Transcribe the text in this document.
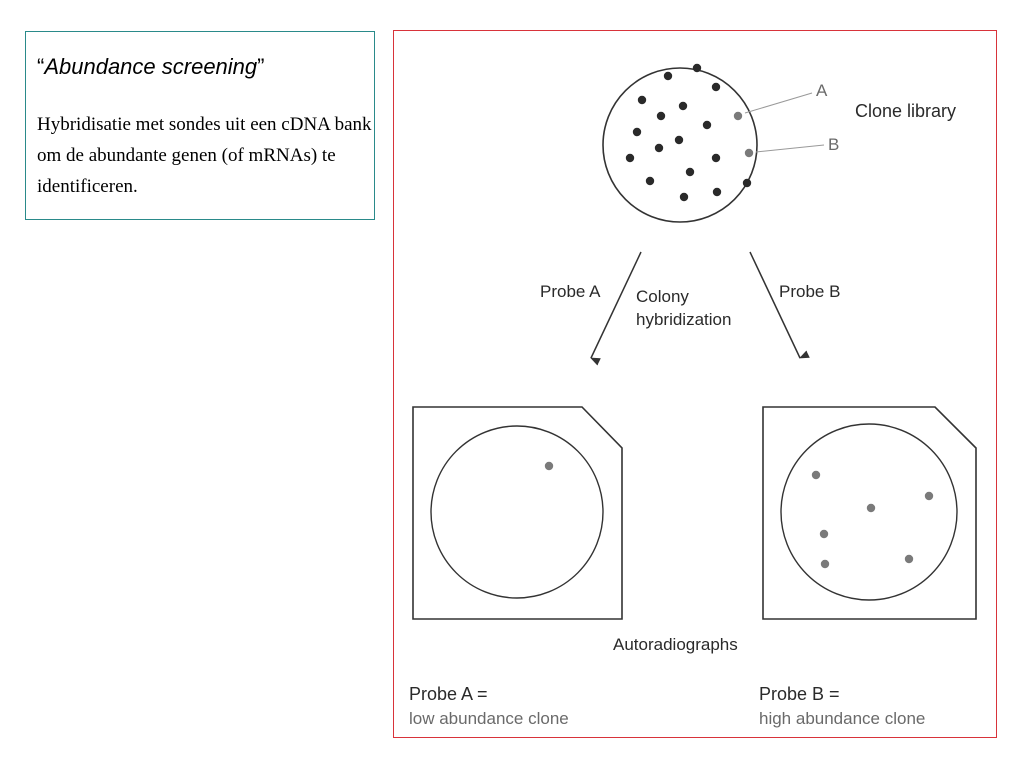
“Abundance screening”
Hybridisatie met sondes uit een cDNA bank om de abundante genen (of mRNAs) te identificeren.
A
B
Clone library
Probe A	Probe B
Colony
hybridization
Autoradiographs
Probe A =
low abundance clone
Probe B =
high abundance clone
